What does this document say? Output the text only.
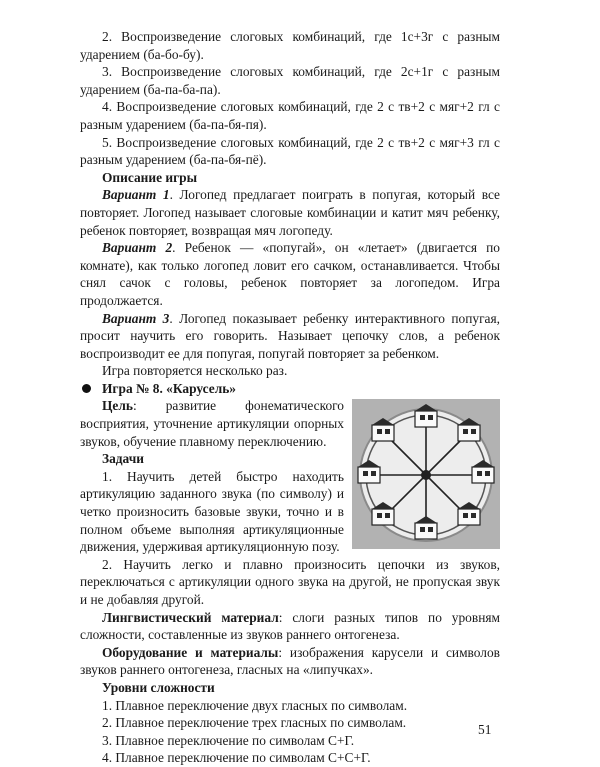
2. Воспроизведение слоговых комбинаций, где 1с+3г с разным ударением (ба-бо-бу).

3. Воспроизведение слоговых комбинаций, где 2с+1г с разным ударением (ба-па-ба-па).

4. Воспроизведение слоговых комбинаций, где 2 с тв+2 с мяг+2 гл с разным ударением (ба-па-бя-пя).

5. Воспроизведение слоговых комбинаций, где 2 с тв+2 с мяг+3 гл с разным ударением (ба-па-бя-пё).

Описание игры

Вариант 1. Логопед предлагает поиграть в попугая, который все повторяет. Логопед называет слоговые комбинации и катит мяч ребенку, ребенок повторяет, возвращая мяч логопеду.

Вариант 2. Ребенок — «попугай», он «летает» (двигается по комнате), как только логопед ловит его сачком, останавливается. Чтобы снял сачок с головы, ребенок повторяет за логопедом. Игра продолжается.

Вариант 3. Логопед показывает ребенку интерактивного попугая, просит научить его говорить. Называет цепочку слов, а ребенок воспроизводит ее для попугая, попугай повторяет за ребенком.

Игра повторяется несколько раз.

Игра № 8. «Карусель»

Цель: развитие фонематического восприятия, уточнение артикуляции опорных звуков, обучение плавному переключению.

Задачи

1. Научить детей быстро находить артикуляцию заданного звука (по символу) и четко произносить базовые звуки, точно и в полном объеме выполняя артикуляционные движения, удерживая артикуляционную позу.

2. Научить легко и плавно произносить цепочки из звуков, переключаться с артикуляции одного звука на другой, не пропуская звук и не добавляя другой.

Лингвистический материал: слоги разных типов по уровням сложности, составленные из звуков раннего онтогенеза.

Оборудование и материалы: изображения карусели и символов звуков раннего онтогенеза, гласных на «липучках».

Уровни сложности

1. Плавное переключение двух гласных по символам.

2. Плавное переключение трех гласных по символам.

3. Плавное переключение по символам С+Г.

4. Плавное переключение по символам С+С+Г.

51
